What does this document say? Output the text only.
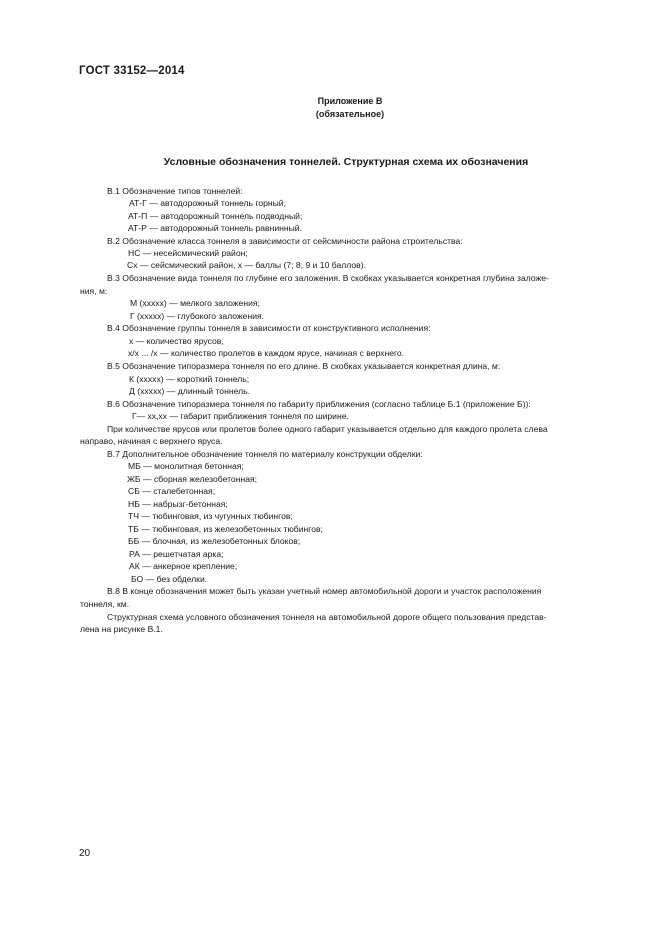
ГОСТ 33152—2014
Приложение В
(обязательное)
Условные обозначения тоннелей. Структурная схема их обозначения
В.1 Обозначение типов тоннелей:
АТ-Г — автодорожный тоннель горный;
АТ-П — автодорожный тоннель подводный;
АТ-Р — автодорожный тоннель равнинный.
В.2 Обозначение класса тоннеля в зависимости от сейсмичности района строительства:
НС — несейсмический район;
Сх — сейсмический район, х — баллы (7; 8; 9 и 10 баллов).
В.3 Обозначение вида тоннеля по глубине его заложения. В скобках указывается конкретная глубина заложе-
ния, м:
М (ххххх) — мелкого заложения;
Г (ххххх) — глубокого заложения.
В.4 Обозначение группы тоннеля в зависимости от конструктивного исполнения:
х — количество ярусов,
х/х ... /х — количество пролетов в каждом ярусе, начиная с верхнего.
В.5 Обозначение типоразмера тоннеля по его длине. В скобках указывается конкретная длина, м:
К (ххххх) — короткий тоннель;
Д (ххххх) — длинный тоннель.
В.6 Обозначение типоразмера тоннеля по габариту приближения (согласно таблице Б.1 (приложение Б)):
Г— хх,хх — габарит приближения тоннеля по ширине.
При количестве ярусов или пролетов более одного габарит указывается отдельно для каждого пролета слева
направо, начиная с верхнего яруса.
В.7 Дополнительное обозначение тоннеля по материалу конструкции обделки:
МБ — монолитная бетонная;
ЖБ — сборная железобетонная;
СБ — сталебетонная;
НБ — набрызг-бетонная;
ТЧ — тюбинговая, из чугунных тюбингов;
ТБ — тюбинговая, из железобетонных тюбингов;
ББ — блочная, из железобетонных блоков;
РА — решетчатая арка;
АК — анкерное крепление;
БО — без обделки.
В.8 В конце обозначения может быть указан учетный номер автомобильной дороги и участок расположения
тоннеля, км.
Структурная схема условного обозначения тоннеля на автомобильной дороге общего пользования представ-
лена на рисунке В.1.
20
